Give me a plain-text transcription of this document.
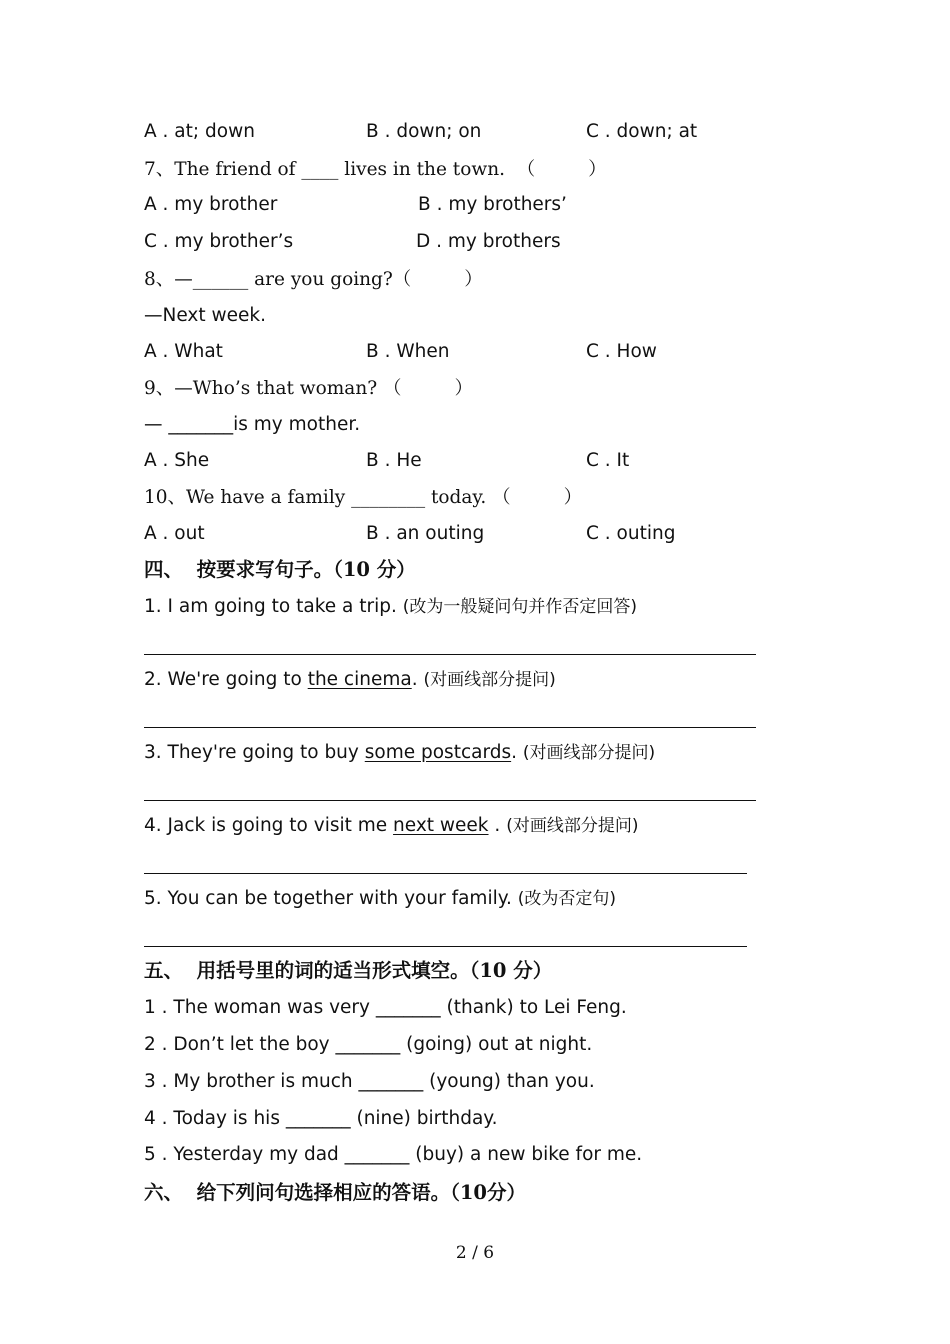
A . at; down	B . down; on	C . down; at
7、The friend of ____ lives in the town.  （         ）
A . my brother	B . my brothers’
C . my brother’s	D . my brothers
8、—______ are you going?（         ）
—Next week.
A . What	B . When	C . How
9、—Who’s that woman? （         ）
— _______is my mother.
A . She	B . He	C . It
10、We have a family ________ today. （         ）
A . out	B . an outing	C . outing
四、  按要求写句子。（10 分）
1. I am going to take a trip. (改为一般疑问句并作否定回答)
2. We're going to the cinema. (对画线部分提问)
3. They're going to buy some postcards. (对画线部分提问)
4. Jack is going to visit me next week . (对画线部分提问)
5. You can be together with your family. (改为否定句)
五、  用括号里的词的适当形式填空。（10 分）
1 . The woman was very _______ (thank) to Lei Feng.
2 . Don’t let the boy _______ (going) out at night.
3 . My brother is much _______ (young) than you.
4 . Today is his _______ (nine) birthday.
5 . Yesterday my dad _______ (buy) a new bike for me.
六、  给下列问句选择相应的答语。（10分）
2 / 6
